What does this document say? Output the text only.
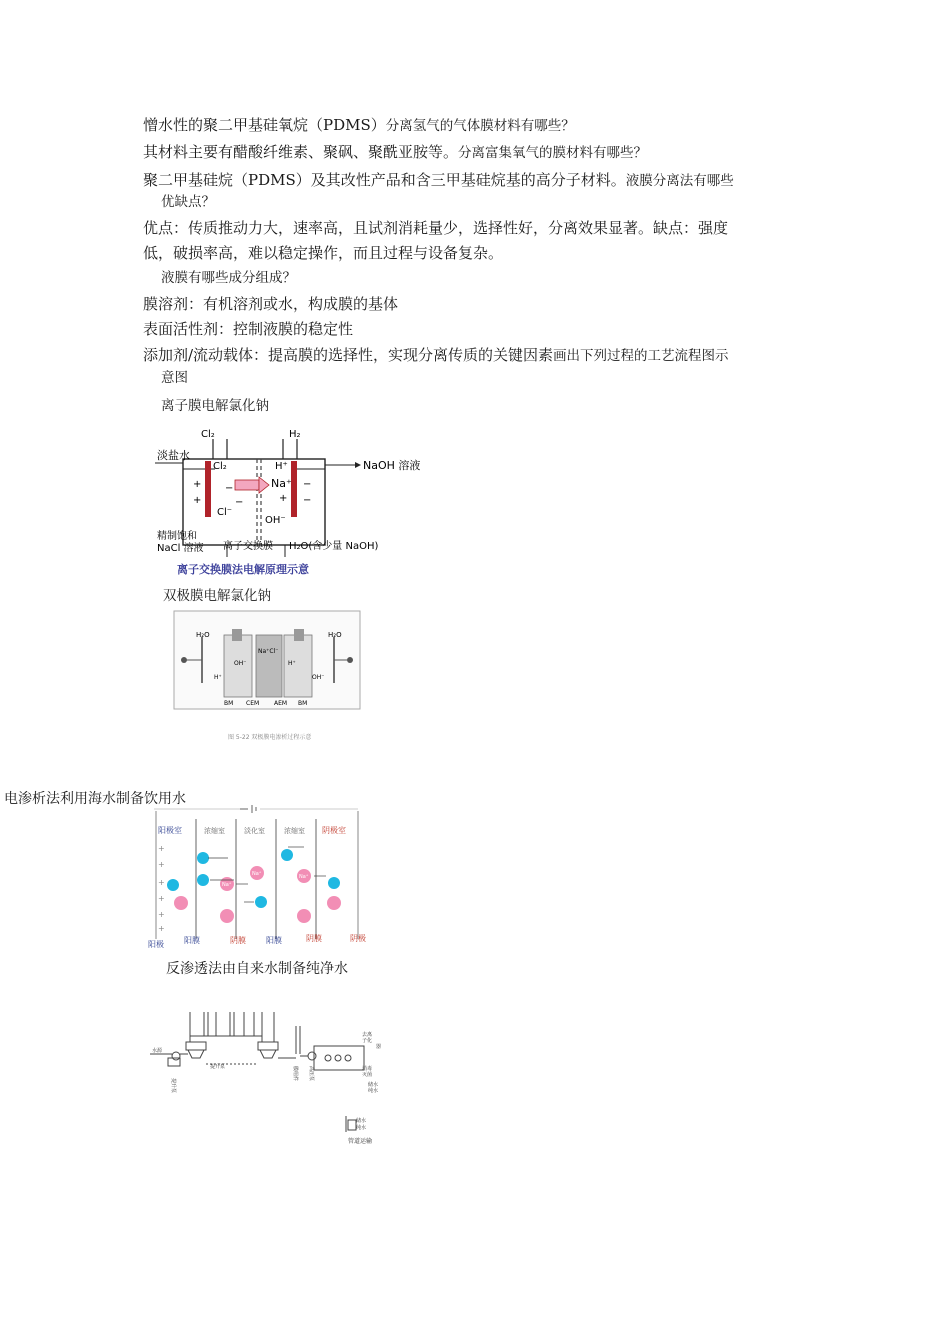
憎水性的聚二甲基硅氧烷（PDMS）分离氢气的气体膜材料有哪些？
其材料主要有醋酸纤维素、聚砜、聚酰亚胺等。分离富集氧气的膜材料有哪些？
聚二甲基硅烷（PDMS）及其改性产品和含三甲基硅烷基的高分子材料。液膜分离法有哪些
优缺点？
优点：传质推动力大，速率高，且试剂消耗量少，选择性好，分离效果显著。缺点：强度
低，破损率高，难以稳定操作，而且过程与设备复杂。
液膜有哪些成分组成？
膜溶剂：有机溶剂或水，构成膜的基体
表面活性剂：控制液膜的稳定性
添加剂/流动载体：提高膜的选择性，实现分离传质的关键因素画出下列过程的工艺流程图示
意图
离子膜电解氯化钠
Cl₂	H₂
淡盐水
NaOH 溶液
Cl₂	H⁺
Na⁺
Cl⁻
OH⁻
+
+
−
−
−
−
+
精制饱和
NaCl 溶液 离子交换膜 H₂O(含少量 NaOH)
离子交换膜法电解原理示意
双极膜电解氯化钠
H₂O	H₂O
Na⁺Cl⁻
OH⁻
H⁺
H⁺
OH⁻
BM CEM AEM BM
图 5-22 双极膜电渗析过程示意
电渗析法利用海水制备饮用水
阳极室	浓缩室	淡化室	浓缩室 阴极室
+
+
+
+
+
+
Na⁺
Na⁺	Na⁺
阳极	阳膜	阴膜	阳膜	阴膜	阴极
反渗透法由自来水制备纯净水
水源
提升泵
提升泵	膜组件 高压泵
去离
子化
器
消毒
灭菌
储水
纯水
储水
纯水
管道运输
